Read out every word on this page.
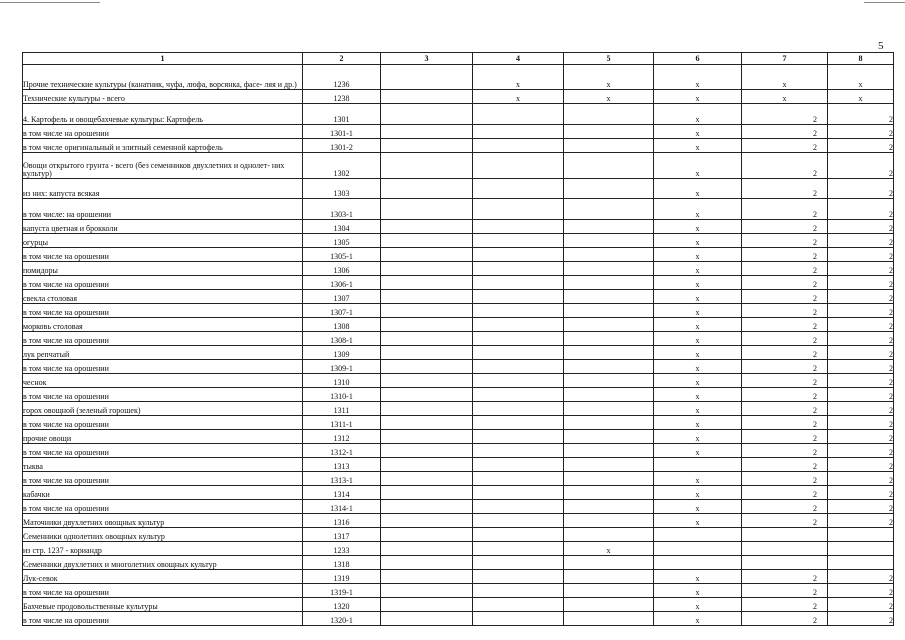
5
1	2	3	4	5	6	7	8
Прочие технические культуры (канатник, чуфа, люфа, ворсянка, фасе- ляя и др.)	1236		x	x	x	x	x
Технические культуры - всего	1238		x	x	x	x	x
4. Картофель и овощебахчевые культуры: Картофель	1301				x	2	2
в том числе на орошении	1301-1				x	2	2
в том числе оригинальный и элитный семенной картофель	1301-2				x	2	2
Овощи открытого грунта - всего (без семенников двухлетних и однолет- них культур)	1302				x	2	2
из них: капуста всякая	1303				x	2	2
в том числе: на орошении	1303-1				x	2	2
капуста цветная и брокколи	1304				x	2	2
огурцы	1305				x	2	2
в том числе на орошении	1305-1				x	2	2
помидоры	1306				x	2	2
в том числе на орошении	1306-1				x	2	2
свекла столовая	1307				x	2	2
в том числе на орошении	1307-1				x	2	2
морковь столовая	1308				x	2	2
в том числе на орошении	1308-1				x	2	2
лук репчатый	1309				x	2	2
в том числе на орошении	1309-1				x	2	2
чеснок	1310				x	2	2
в том числе на орошении	1310-1				x	2	2
горох овощной (зеленый горошек)	1311				x	2	2
в том числе на орошении	1311-1				x	2	2
прочие овощи	1312				x	2	2
в том числе на орошении	1312-1				x	2	2
тыква	1313					2	2
в том числе на орошении	1313-1				x	2	2
кабачки	1314				x	2	2
в том числе на орошении	1314-1				x	2	2
Маточники двухлетних овощных культур	1316				x	2	2
Семенники однолетних овощных культур	1317						
из стр. 1237 - кориандр	1233			x			
Семенники двухлетних и многолетних овощных культур	1318						
Лук-севок	1319				x	2	2
в том числе на орошении	1319-1				x	2	2
Бахчевые продовольственные культуры	1320				x	2	2
в том числе на орошении	1320-1				x	2	2
